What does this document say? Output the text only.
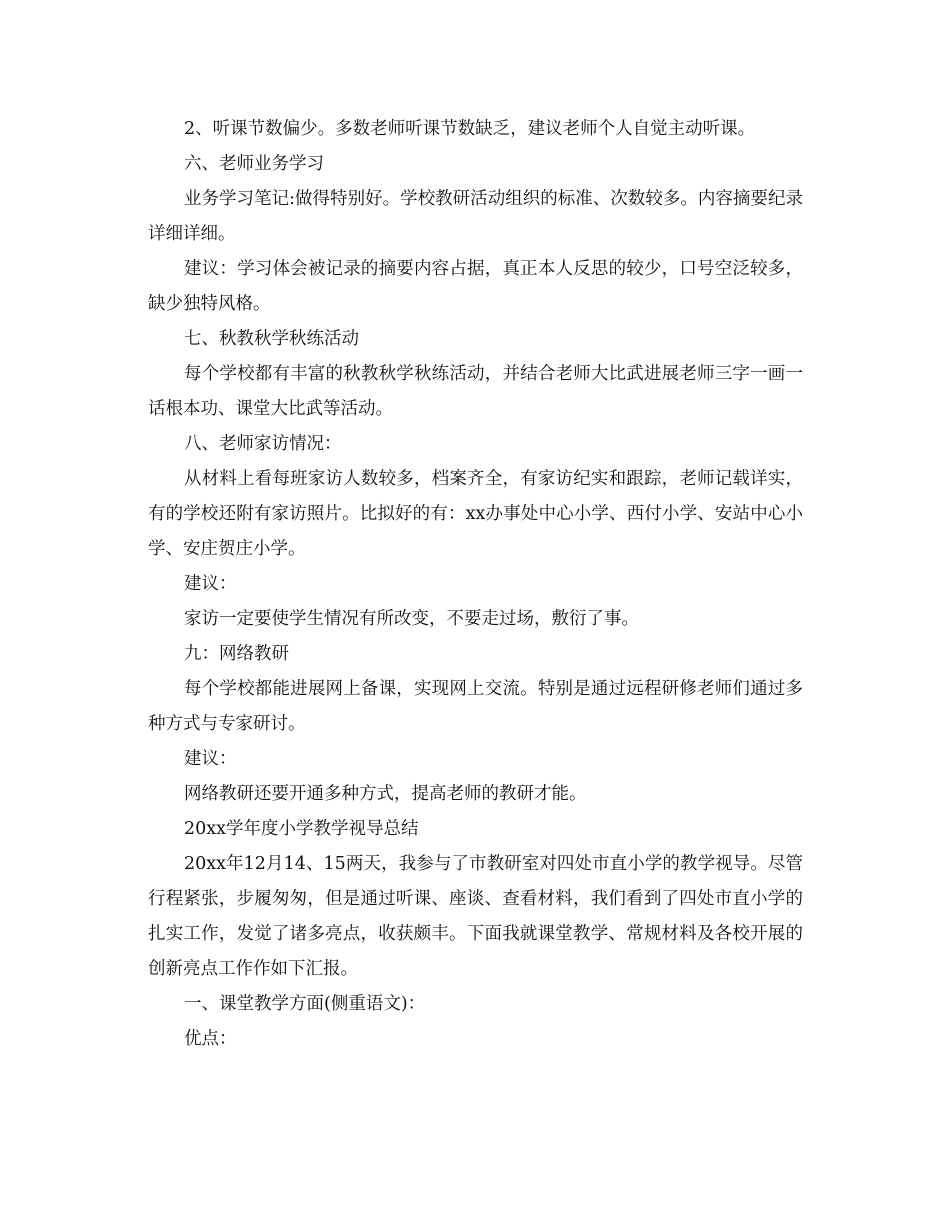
2、听课节数偏少。多数老师听课节数缺乏，建议老师个人自觉主动听课。

六、老师业务学习

业务学习笔记:做得特别好。学校教研活动组织的标准、次数较多。内容摘要纪录详细详细。

建议：学习体会被记录的摘要内容占据，真正本人反思的较少，口号空泛较多，缺少独特风格。

七、秋教秋学秋练活动

每个学校都有丰富的秋教秋学秋练活动，并结合老师大比武进展老师三字一画一话根本功、课堂大比武等活动。

八、老师家访情况：

从材料上看每班家访人数较多，档案齐全，有家访纪实和跟踪，老师记载详实，有的学校还附有家访照片。比拟好的有：xx办事处中心小学、西付小学、安站中心小学、安庄贺庄小学。

建议：

家访一定要使学生情况有所改变，不要走过场，敷衍了事。

九：网络教研

每个学校都能进展网上备课，实现网上交流。特别是通过远程研修老师们通过多种方式与专家研讨。

建议：

网络教研还要开通多种方式，提高老师的教研才能。

20xx学年度小学教学视导总结

20xx年12月14、15两天，我参与了市教研室对四处市直小学的教学视导。尽管行程紧张，步履匆匆，但是通过听课、座谈、查看材料，我们看到了四处市直小学的扎实工作，发觉了诸多亮点，收获颇丰。下面我就课堂教学、常规材料及各校开展的创新亮点工作作如下汇报。

一、课堂教学方面(侧重语文)：

优点：
